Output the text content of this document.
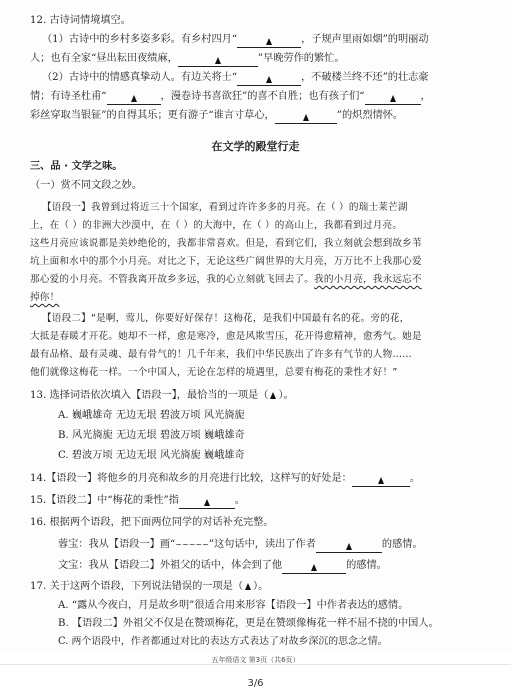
12. 古诗词情境填空。
（1）古诗中的乡村多姿多彩。有乡村四月“	，子规声里雨如烟”的明丽动
人；也有全家“昼出耘田夜绩麻，	”早晚劳作的繁忙。
（2）古诗中的情感真挚动人。有边关将士“	，不破楼兰终不还”的壮志豪
情；有诗圣杜甫“	，漫卷诗书喜欲狂”的喜不自胜；也有孩子们“	，
彩丝穿取当银钲”的自得其乐；更有游子“谁言寸草心，	”的炽烈情怀。
在文学的殿堂行走
三、品 · 文学之味。
（一）赏不同文段之妙。
【语段一】我曾到过将近三十个国家，看到过许许多多的月亮。在（ ）的瑞士莱芒湖
上，在（ ）的非洲大沙漠中，在（ ）的大海中，在（ ）的高山上，我都看到过月亮。
这些月亮应该说都是美妙绝伦的，我都非常喜欢。但是，看到它们，我立刻就会想到故乡苇
坑上面和水中的那个小月亮。对比之下，无论这些广阔世界的大月亮，万万比不上我那心爱
那心爱的小月亮。不管我离开故乡多远，我的心立刻就飞回去了。我的小月亮，我永远忘不
掉你！
【语段二】“是啊，莺儿，你要好好保存！这梅花，是我们中国最有名的花。旁的花，
大抵是春暖才开花。她却不一样，愈是寒冷，愈是风欺雪压，花开得愈精神，愈秀气。她是
最有品格、最有灵魂、最有骨气的！几千年来，我们中华民族出了许多有气节的人物……
他们就像这梅花一样。一个中国人，无论在怎样的境遇里，总要有梅花的秉性才好！”
13. 选择词语依次填入【语段一】，最恰当的一项是（ ）。
A. 巍峨雄奇 无边无垠 碧波万顷 风光旖旎
B. 风光旖旎 无边无垠 碧波万顷 巍峨雄奇
C. 碧波万顷 无边无垠 风光旖旎 巍峨雄奇
14.【语段一】将他乡的月亮和故乡的月亮进行比较，这样写的好处是：	。
15.【语段二】中“梅花的秉性”指	。
16. 根据两个语段，把下面两位同学的对话补充完整。
蓉宝：我从【语段一】画“~~~~~”这句话中，读出了作者	的感情。
文宝：我从【语段二】外祖父的话中，体会到了他	的感情。
17. 关于这两个语段，下列说法错误的一项是（ ）。
A. “露从今夜白，月是故乡明”很适合用来形容【语段一】中作者表达的感情。
B. 【语段二】外祖父不仅是在赞颂梅花，更是在赞颂像梅花一样不屈不挠的中国人。
C. 两个语段中，作者都通过对比的表达方式表达了对故乡深沉的思念之情。
五年级语文 第3页（共6页）
3/6
